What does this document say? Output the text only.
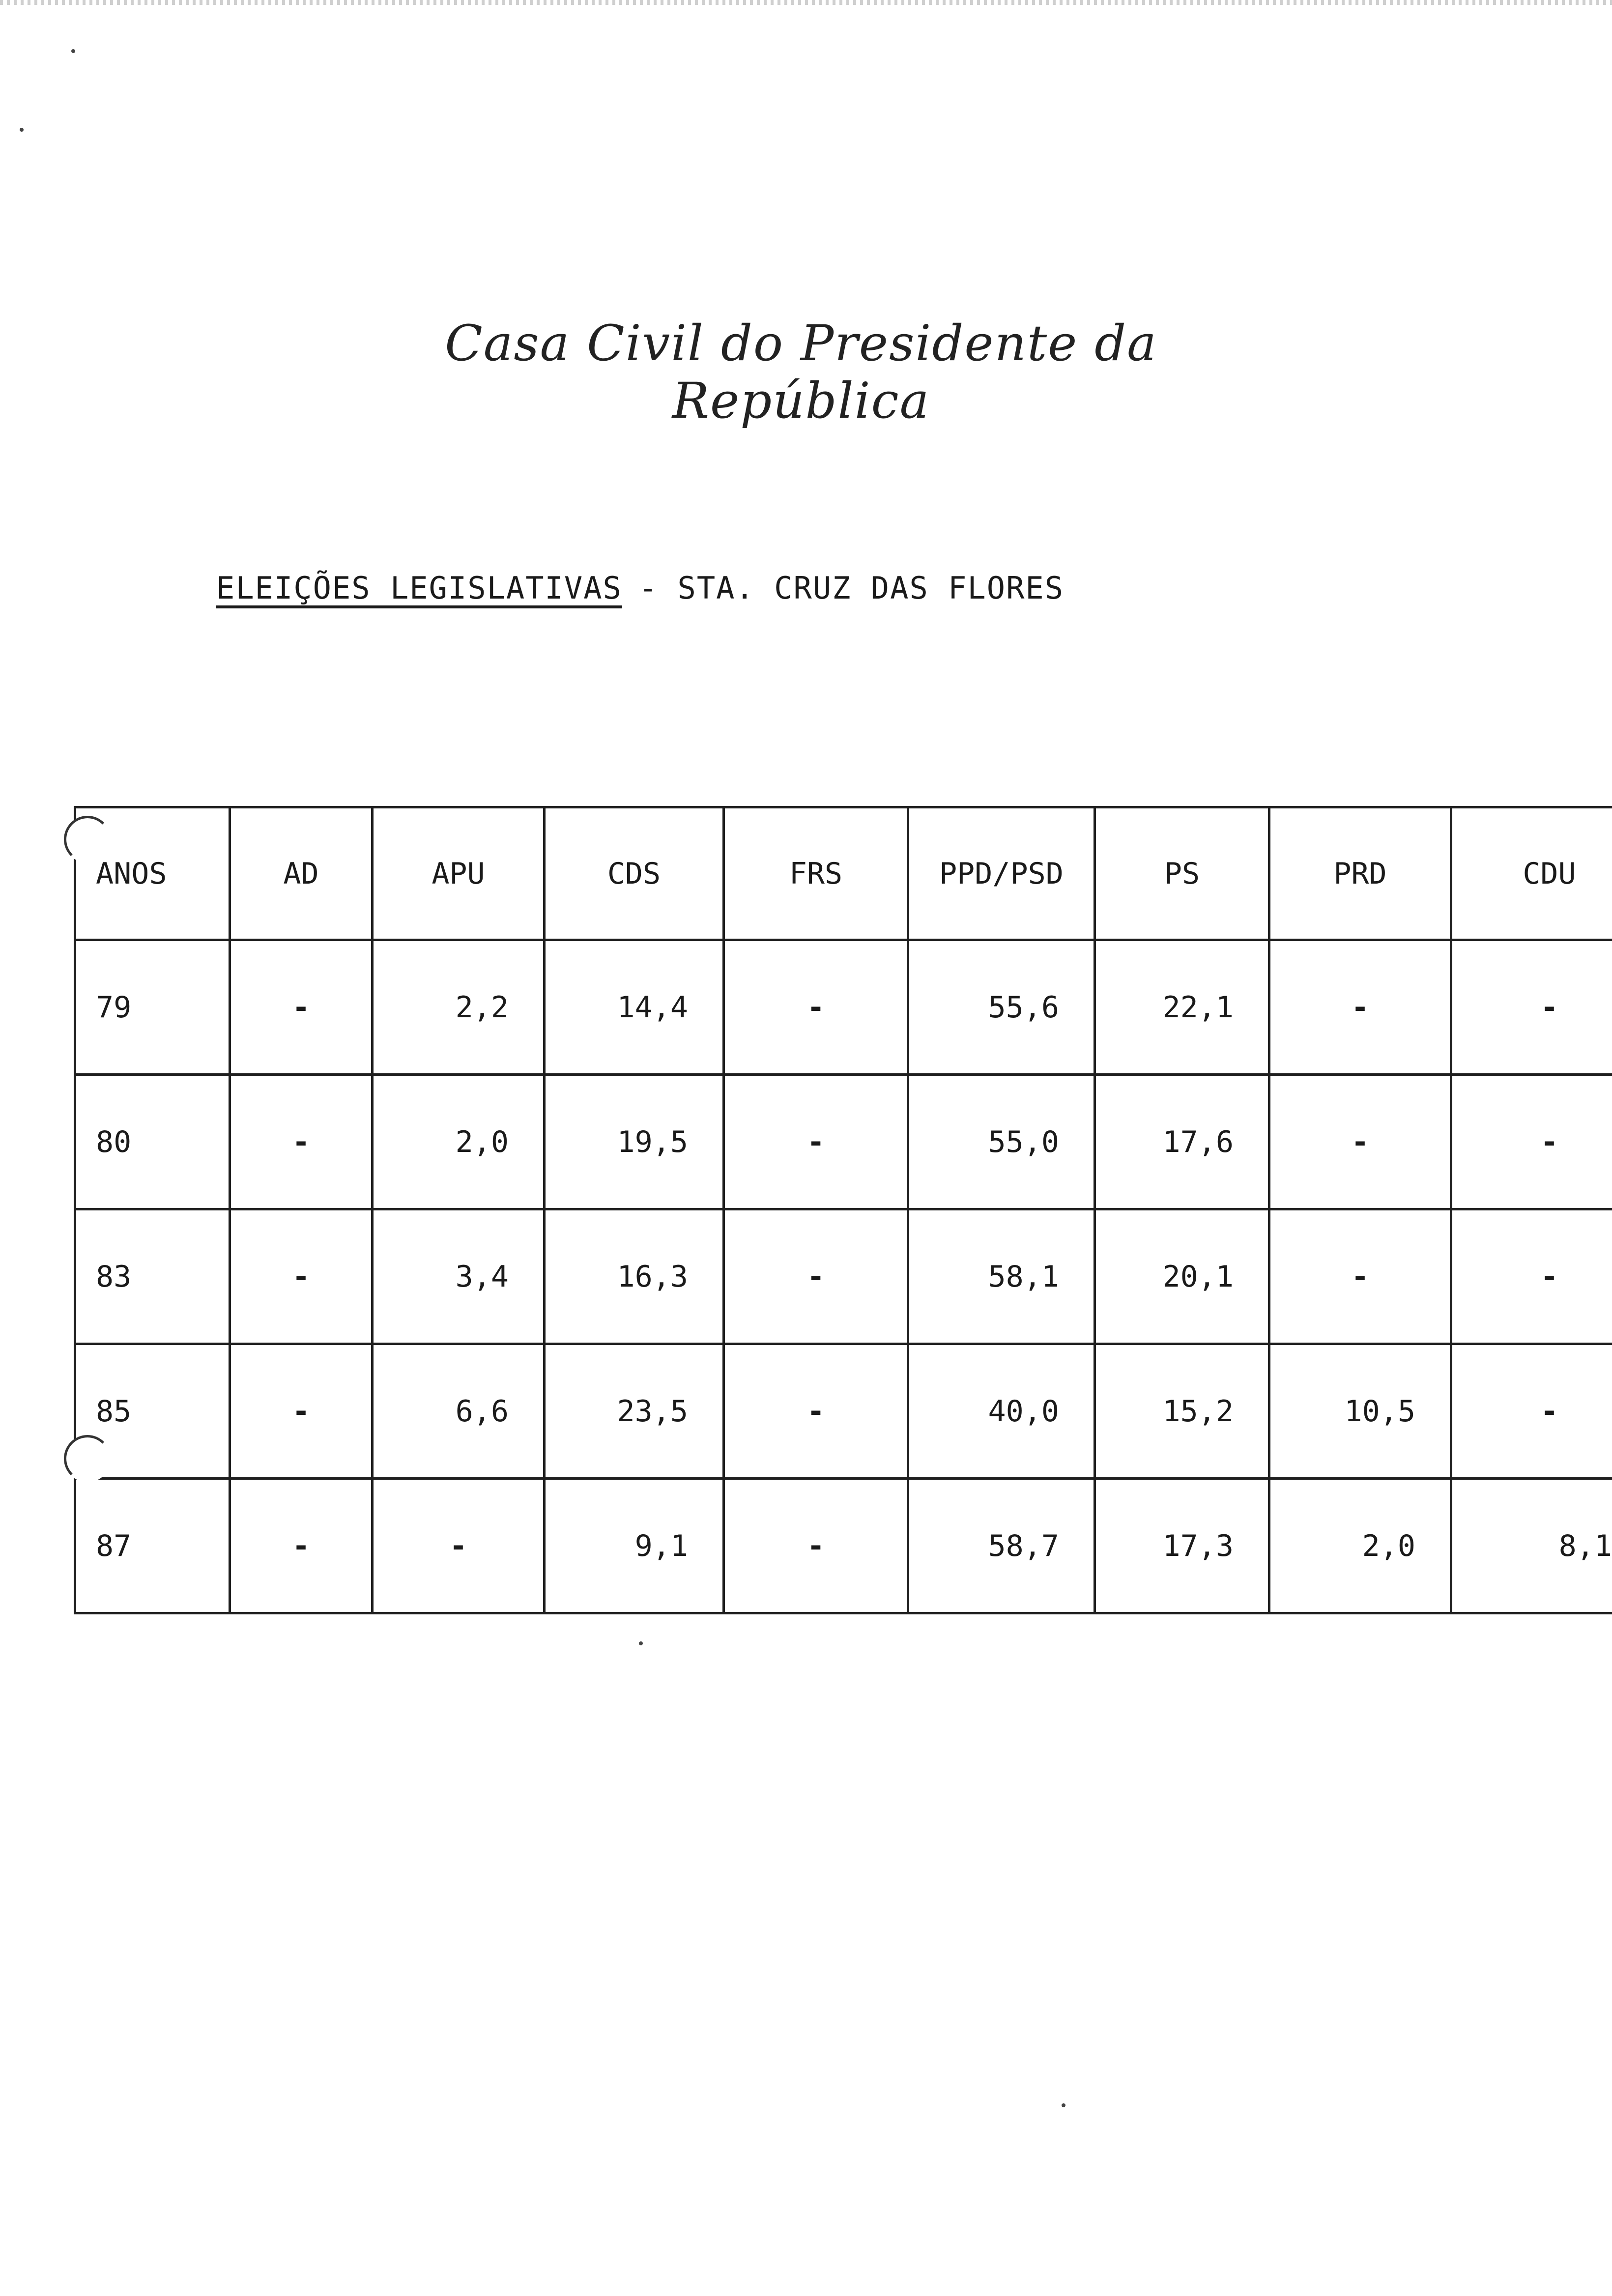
Casa Civil do Presidente da República
ELEIÇÕES LEGISLATIVAS - STA. CRUZ DAS FLORES
ANOS	AD	APU	CDS	FRS	PPD/PSD	PS	PRD	CDU
79	-	2,2	14,4	-	55,6	22,1	-	-
80	-	2,0	19,5	-	55,0	17,6	-	-
83	-	3,4	16,3	-	58,1	20,1	-	-
85	-	6,6	23,5	-	40,0	15,2	10,5	-
87	-	-	9,1	-	58,7	17,3	2,0	8,1
